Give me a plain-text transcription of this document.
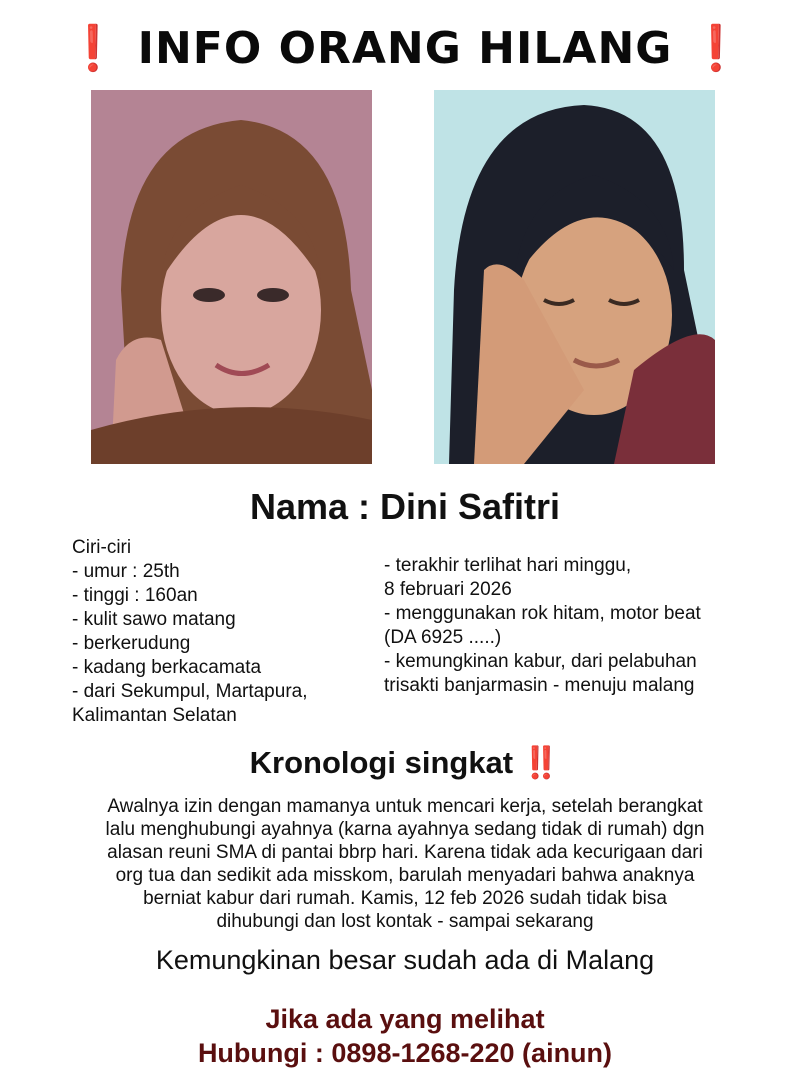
❗ INFO ORANG HILANG ❗
Nama : Dini Safitri
Ciri-ciri
- umur : 25th
- tinggi : 160an
- kulit sawo matang
- berkerudung
- kadang berkacamata
- dari Sekumpul, Martapura,
Kalimantan Selatan
- terakhir terlihat hari minggu,
8 februari 2026
- menggunakan rok hitam, motor beat
(DA 6925 .....)
- kemungkinan kabur, dari pelabuhan
trisakti banjarmasin - menuju malang
Kronologi singkat ‼️
Awalnya izin dengan mamanya untuk mencari kerja, setelah berangkat
lalu menghubungi ayahnya (karna ayahnya sedang tidak di rumah) dgn
alasan reuni SMA di pantai bbrp hari. Karena tidak ada kecurigaan dari
org tua dan sedikit ada misskom, barulah menyadari bahwa anaknya
berniat kabur dari rumah. Kamis, 12 feb 2026 sudah tidak bisa
dihubungi dan lost kontak - sampai sekarang
Kemungkinan besar sudah ada di Malang
Jika ada yang melihat
Hubungi : 0898-1268-220 (ainun)
